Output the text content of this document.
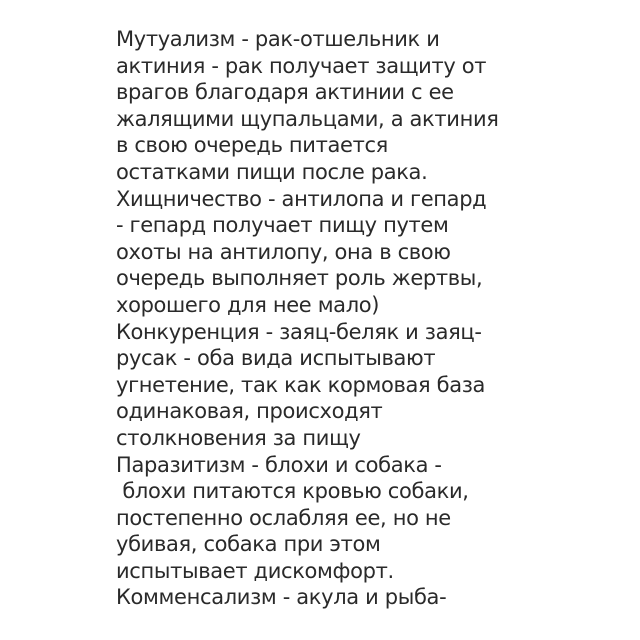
Мутуализм - рак-отшельник и
актиния - рак получает защиту от
врагов благодаря актинии с ее
жалящими щупальцами, а актиния
в свою очередь питается
остатками пищи после рака.
Хищничество - антилопа и гепард
- гепард получает пищу путем
охоты на антилопу, она в свою
очередь выполняет роль жертвы,
хорошего для нее мало)
Конкуренция - заяц-беляк и заяц-
русак - оба вида испытывают
угнетение, так как кормовая база
одинаковая, происходят
столкновения за пищу
Паразитизм - блохи и собака -
блохи питаются кровью собаки,
постепенно ослабляя ее, но не
убивая, собака при этом
испытывает дискомфорт.
Комменсализм - акула и рыба-
